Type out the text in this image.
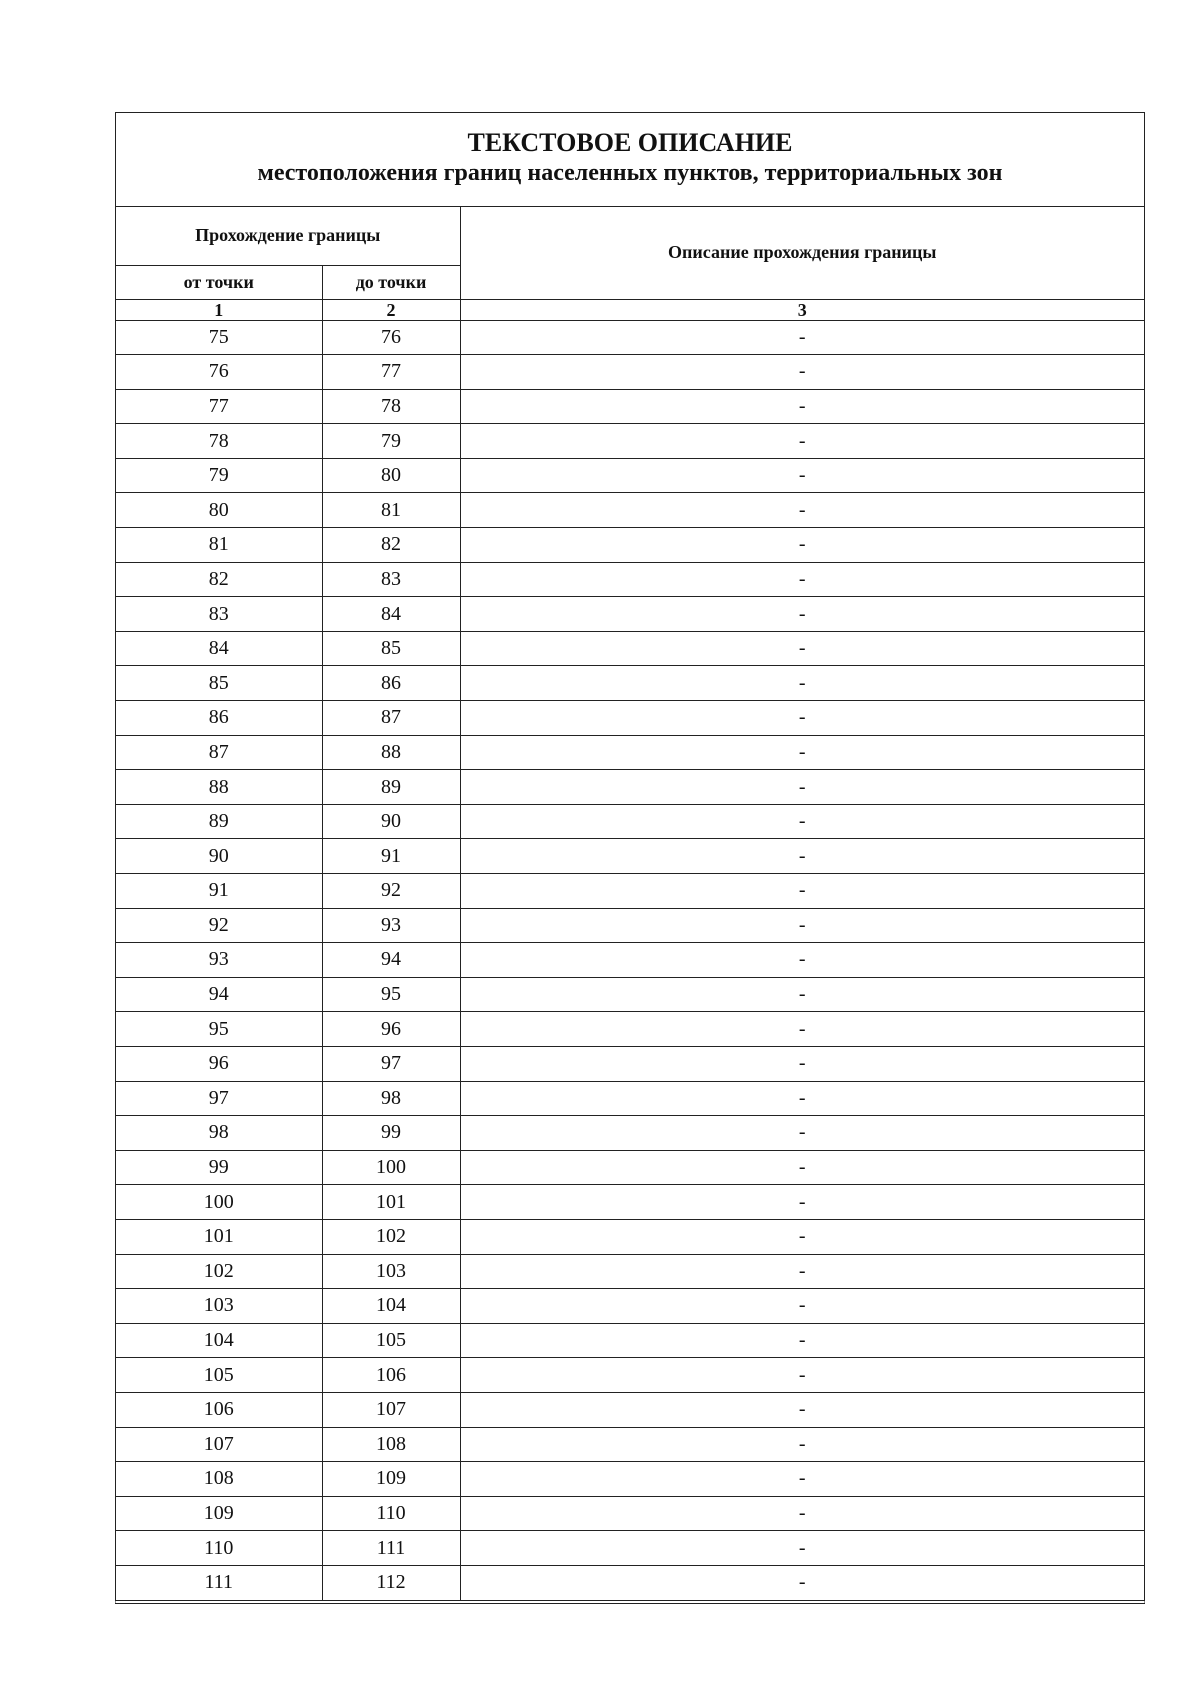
ТЕКСТОВОЕ ОПИСАНИЕ
местоположения границ населенных пунктов, территориальных зон
Прохождение границы		Описание прохождения границы
от точки	до точки	
1	2	3
75	76	-
76	77	-
77	78	-
78	79	-
79	80	-
80	81	-
81	82	-
82	83	-
83	84	-
84	85	-
85	86	-
86	87	-
87	88	-
88	89	-
89	90	-
90	91	-
91	92	-
92	93	-
93	94	-
94	95	-
95	96	-
96	97	-
97	98	-
98	99	-
99	100	-
100	101	-
101	102	-
102	103	-
103	104	-
104	105	-
105	106	-
106	107	-
107	108	-
108	109	-
109	110	-
110	111	-
111	112	-
